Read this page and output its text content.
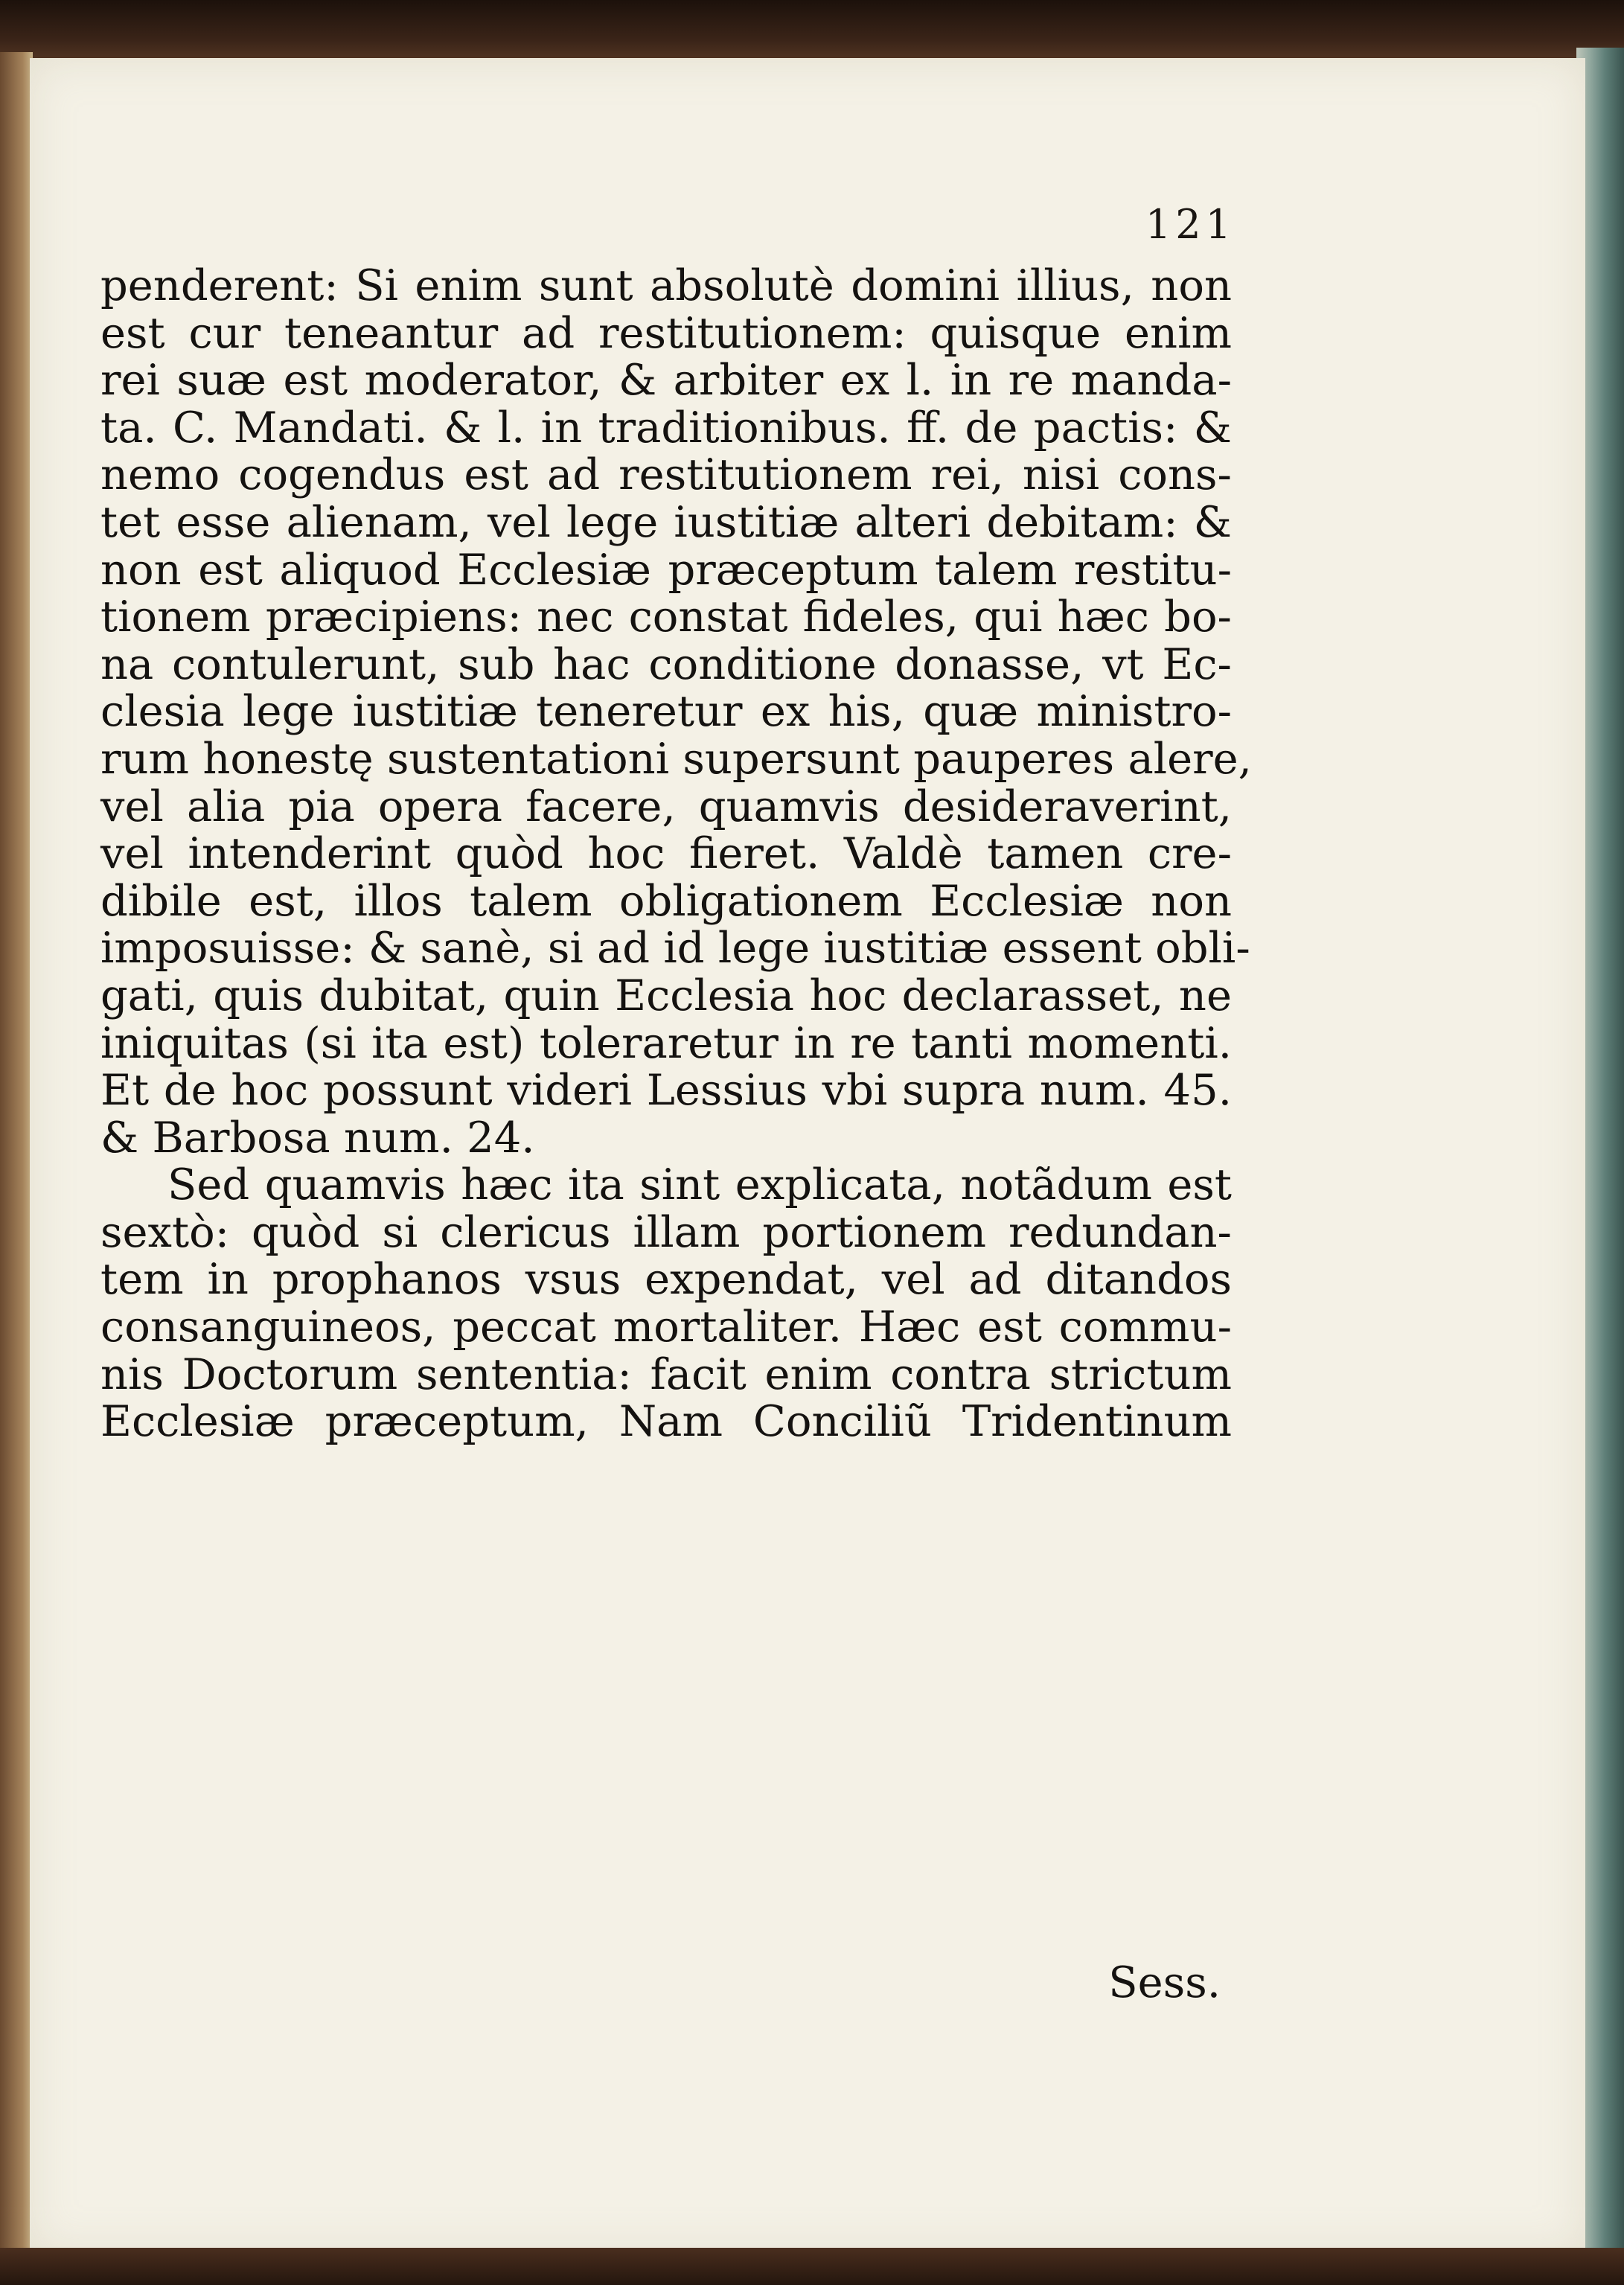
121
penderent: Si enim sunt absolutè domini illius, non
est cur teneantur ad restitutionem: quisque enim
rei suæ est moderator, & arbiter ex l. in re manda-
ta. C. Mandati. & l. in traditionibus. ff. de pactis: &
nemo cogendus est ad restitutionem rei, nisi cons-
tet esse alienam, vel lege iustitiæ alteri debitam: &
non est aliquod Ecclesiæ præceptum talem restitu-
tionem præcipiens: nec constat fideles, qui hæc bo-
na contulerunt, sub hac conditione donasse, vt Ec-
clesia lege iustitiæ teneretur ex his, quæ ministro-
rum honestę sustentationi supersunt pauperes alere,
vel alia pia opera facere, quamvis desideraverint,
vel intenderint quòd hoc fieret. Valdè tamen cre-
dibile est, illos talem obligationem Ecclesiæ non
imposuisse: & sanè, si ad id lege iustitiæ essent obli-
gati, quis dubitat, quin Ecclesia hoc declarasset, ne
iniquitas (si ita est) toleraretur in re tanti momenti.
Et de hoc possunt videri Lessius vbi supra num. 45.
& Barbosa num. 24.
Sed quamvis hæc ita sint explicata, notãdum est
sextò: quòd si clericus illam portionem redundan-
tem in prophanos vsus expendat, vel ad ditandos
consanguineos, peccat mortaliter. Hæc est commu-
nis Doctorum sententia: facit enim contra strictum
Ecclesiæ præceptum, Nam Conciliũ Tridentinum
Sess.
